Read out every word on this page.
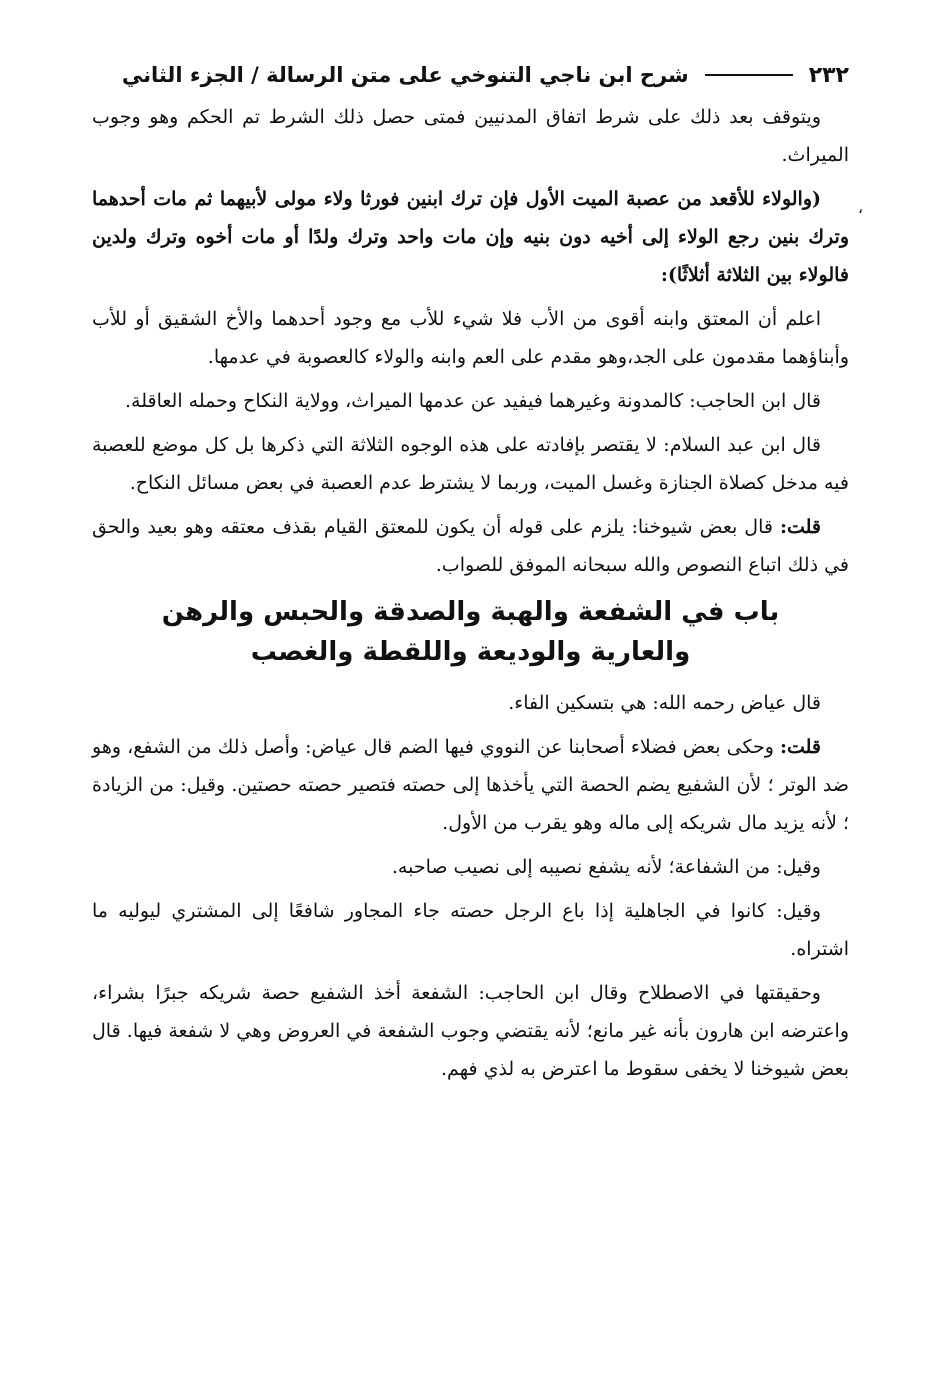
٢٣٢
شرح ابن ناجي التنوخي على متن الرسالة / الجزء الثاني
،

ويتوقف بعد ذلك على شرط اتفاق المدنيين فمتى حصل ذلك الشرط تم الحكم وهو وجوب الميراث.

(والولاء للأقعد من عصبة الميت الأول فإن ترك ابنين فورثا ولاء مولى لأبيهما ثم مات أحدهما وترك بنين رجع الولاء إلى أخيه دون بنيه وإن مات واحد وترك ولدًا أو مات أخوه وترك ولدين فالولاء بين الثلاثة أثلاثًا):

اعلم أن المعتق وابنه أقوى من الأب فلا شيء للأب مع وجود أحدهما والأخ الشقيق أو للأب وأبناؤهما مقدمون على الجد،وهو مقدم على العم وابنه والولاء كالعصوبة في عدمها.

قال ابن الحاجب: كالمدونة وغيرهما فيفيد عن عدمها الميراث، وولاية النكاح وحمله العاقلة.

قال ابن عبد السلام: لا يقتصر بإفادته على هذه الوجوه الثلاثة التي ذكرها بل كل موضع للعصبة فيه مدخل كصلاة الجنازة وغسل الميت، وربما لا يشترط عدم العصبة في بعض مسائل النكاح.

قلت: قال بعض شيوخنا: يلزم على قوله أن يكون للمعتق القيام بقذف معتقه وهو بعيد والحق في ذلك اتباع النصوص والله سبحانه الموفق للصواب.

باب في الشفعة والهبة والصدقة والحبس والرهن
والعارية والوديعة واللقطة والغصب

قال عياض رحمه الله: هي بتسكين الفاء.

قلت: وحكى بعض فضلاء أصحابنا عن النووي فيها الضم قال عياض: وأصل ذلك من الشفع، وهو ضد الوتر ؛ لأن الشفيع يضم الحصة التي يأخذها إلى حصته فتصير حصته حصتين. وقيل: من الزيادة ؛ لأنه يزيد مال شريكه إلى ماله وهو يقرب من الأول.

وقيل: من الشفاعة؛ لأنه يشفع نصيبه إلى نصيب صاحبه.

وقيل: كانوا في الجاهلية إذا باع الرجل حصته جاء المجاور شافعًا إلى المشتري ليوليه ما اشتراه.

وحقيقتها في الاصطلاح وقال ابن الحاجب: الشفعة أخذ الشفيع حصة شريكه جبرًا بشراء، واعترضه ابن هارون بأنه غير مانع؛ لأنه يقتضي وجوب الشفعة في العروض وهي لا شفعة فيها. قال بعض شيوخنا لا يخفى سقوط ما اعترض به لذي فهم.
